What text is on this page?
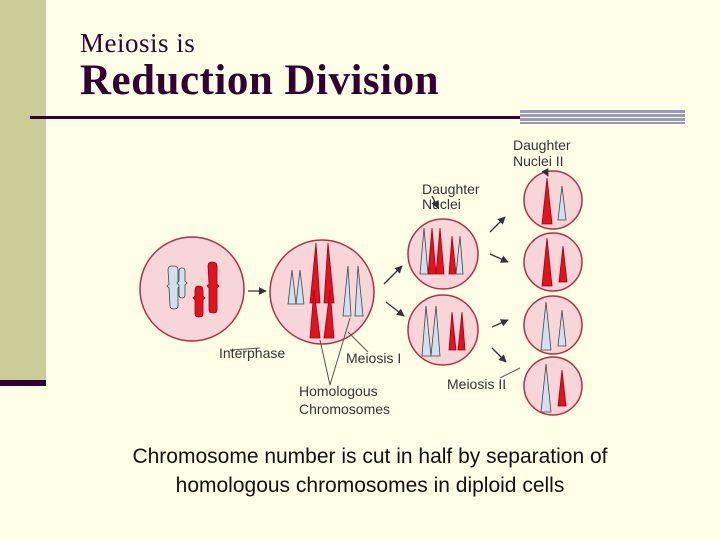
Meiosis is
Reduction Division
Interphase	Meiosis I
Meiosis II
Homologous
Chromosomes
Daughter
Nuclei
Daughter
Nuclei II
Chromosome number is cut in half by separation of
homologous chromosomes in diploid cells
